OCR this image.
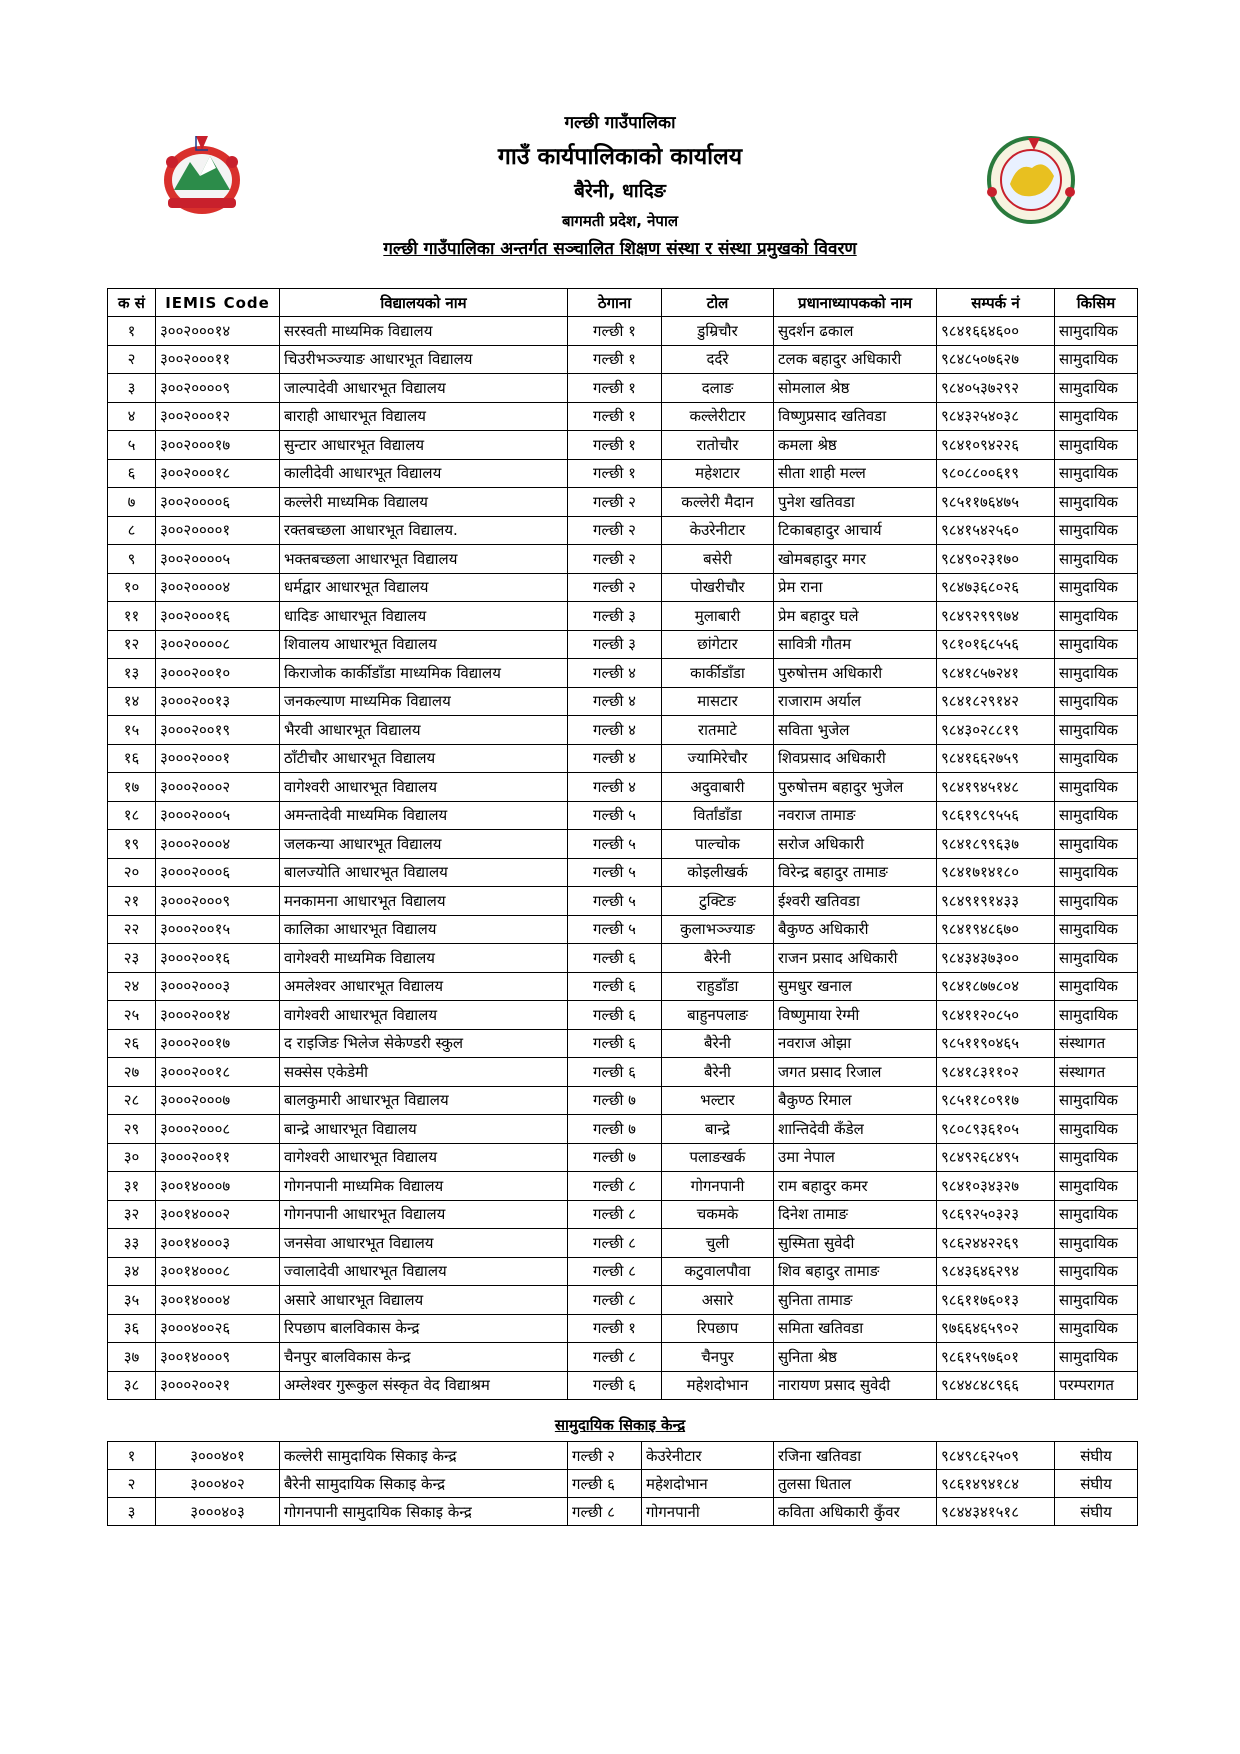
गल्छी गाउँपालिका
गाउँ कार्यपालिकाको कार्यालय
बैरेनी, धादिङ
बागमती प्रदेश, नेपाल
गल्छी गाउँपालिका अन्तर्गत सञ्चालित शिक्षण संस्था र संस्था प्रमुखको विवरण
क सं	IEMIS Code	विद्यालयको नाम	ठेगाना	टोल	प्रधानाध्यापकको नाम	सम्पर्क नं	किसिम
१	३००२०००१४	सरस्वती माध्यमिक विद्यालय	गल्छी १	डुम्रिचौर	सुदर्शन ढकाल	९८४१६६४६००	सामुदायिक
२	३००२०००११	चिउरीभञ्ज्याङ आधारभूत विद्यालय	गल्छी १	दर्दरे	टलक बहादुर अधिकारी	९८४८५०७६२७	सामुदायिक
३	३००२००००९	जाल्पादेवी आधारभूत विद्यालय	गल्छी १	दलाङ	सोमलाल श्रेष्ठ	९८४०५३७२९२	सामुदायिक
४	३००२०००१२	बाराही आधारभूत विद्यालय	गल्छी १	कल्लेरीटार	विष्णुप्रसाद खतिवडा	९८४३२५४०३८	सामुदायिक
५	३००२०००१७	सुन्टार आधारभूत विद्यालय	गल्छी १	रातोचौर	कमला श्रेष्ठ	९८४१०९४२२६	सामुदायिक
६	३००२०००१८	कालीदेवी आधारभूत विद्यालय	गल्छी १	महेशटार	सीता शाही मल्ल	९८०८८००६१९	सामुदायिक
७	३००२००००६	कल्लेरी माध्यमिक विद्यालय	गल्छी २	कल्लेरी मैदान	पुनेश खतिवडा	९८५११७६४७५	सामुदायिक
८	३००२००००१	रक्तबच्छला आधारभूत विद्यालय.	गल्छी २	केउरेनीटार	टिकाबहादुर आचार्य	९८४१५४२५६०	सामुदायिक
९	३००२००००५	भक्तबच्छला आधारभूत विद्यालय	गल्छी २	बसेरी	खोमबहादुर मगर	९८४९०२३१७०	सामुदायिक
१०	३००२००००४	धर्मद्वार आधारभूत विद्यालय	गल्छी २	पोखरीचौर	प्रेम राना	९८४७३६८०२६	सामुदायिक
११	३००२०००१६	धादिङ आधारभूत विद्यालय	गल्छी ३	मुलाबारी	प्रेम बहादुर घले	९८४९२९९९७४	सामुदायिक
१२	३००२००००८	शिवालय आधारभूत विद्यालय	गल्छी ३	छांगेटार	सावित्री गौतम	९८१०१६८५५६	सामुदायिक
१३	३०००२००१०	किराजोक कार्कीडाँडा माध्यमिक विद्यालय	गल्छी ४	कार्कीडाँडा	पुरुषोत्तम अधिकारी	९८४१८५७२४१	सामुदायिक
१४	३०००२००१३	जनकल्याण माध्यमिक विद्यालय	गल्छी ४	मासटार	राजाराम अर्याल	९८४१८२९१४२	सामुदायिक
१५	३०००२००१९	भैरवी आधारभूत विद्यालय	गल्छी ४	रातमाटे	सविता भुजेल	९८४३०२८८१९	सामुदायिक
१६	३०००२०००१	ठाँटीचौर आधारभूत विद्यालय	गल्छी ४	ज्यामिरेचौर	शिवप्रसाद अधिकारी	९८४१६६२७५९	सामुदायिक
१७	३०००२०००२	वागेश्वरी आधारभूत विद्यालय	गल्छी ४	अदुवाबारी	पुरुषोत्तम बहादुर भुजेल	९८४१९४५१४८	सामुदायिक
१८	३०००२०००५	अमन्तादेवी माध्यमिक विद्यालय	गल्छी ५	विर्तांडाँडा	नवराज तामाङ	९८६१९८९५५६	सामुदायिक
१९	३०००२०००४	जलकन्या आधारभूत विद्यालय	गल्छी ५	पाल्चोक	सरोज अधिकारी	९८४१८९९६३७	सामुदायिक
२०	३०००२०००६	बालज्योति आधारभूत विद्यालय	गल्छी ५	कोइलीखर्क	विरेन्द्र बहादुर तामाङ	९८४१७१४१८०	सामुदायिक
२१	३०००२०००९	मनकामना आधारभूत विद्यालय	गल्छी ५	टुक्टिङ	ईश्वरी खतिवडा	९८४९१९१४३३	सामुदायिक
२२	३०००२००१५	कालिका आधारभूत विद्यालय	गल्छी ५	कुलाभञ्ज्याङ	बैकुण्ठ अधिकारी	९८४१९४८६७०	सामुदायिक
२३	३०००२००१६	वागेश्वरी माध्यमिक विद्यालय	गल्छी ६	बैरेनी	राजन प्रसाद अधिकारी	९८४३४३७३००	सामुदायिक
२४	३०००२०००३	अमलेश्वर आधारभूत विद्यालय	गल्छी ६	राहुडाँडा	सुमधुर खनाल	९८४१८७७८०४	सामुदायिक
२५	३०००२००१४	वागेश्वरी आधारभूत विद्यालय	गल्छी ६	बाहुनपलाङ	विष्णुमाया रेग्मी	९८४११२०८५०	सामुदायिक
२६	३०००२००१७	द राइजिङ भिलेज सेकेण्डरी स्कुल	गल्छी ६	बैरेनी	नवराज ओझा	९८५११९०४६५	संस्थागत
२७	३०००२००१८	सक्सेस एकेडेमी	गल्छी ६	बैरेनी	जगत प्रसाद रिजाल	९८४१८३११०२	संस्थागत
२८	३०००२०००७	बालकुमारी आधारभूत विद्यालय	गल्छी ७	भल्टार	बैकुण्ठ रिमाल	९८५११८०९१७	सामुदायिक
२९	३०००२०००८	बान्द्रे आधारभूत विद्यालय	गल्छी ७	बान्द्रे	शान्तिदेवी कँडेल	९८०८९३६१०५	सामुदायिक
३०	३०००२००११	वागेश्वरी आधारभूत विद्यालय	गल्छी ७	पलाङखर्क	उमा नेपाल	९८४९२६८४९५	सामुदायिक
३१	३००१४०००७	गोगनपानी माध्यमिक विद्यालय	गल्छी ८	गोगनपानी	राम बहादुर कमर	९८४१०३४३२७	सामुदायिक
३२	३००१४०००२	गोगनपानी आधारभूत विद्यालय	गल्छी ८	चकमके	दिनेश तामाङ	९८६९२५०३२३	सामुदायिक
३३	३००१४०००३	जनसेवा आधारभूत विद्यालय	गल्छी ८	चुली	सुस्मिता सुवेदी	९८६२४४२२६९	सामुदायिक
३४	३००१४०००८	ज्वालादेवी आधारभूत विद्यालय	गल्छी ८	कटुवालपौवा	शिव बहादुर तामाङ	९८४३६४६२९४	सामुदायिक
३५	३००१४०००४	असारे आधारभूत विद्यालय	गल्छी ८	असारे	सुनिता तामाङ	९८६११७६०१३	सामुदायिक
३६	३०००४००२६	रिपछाप बालविकास केन्द्र	गल्छी १	रिपछाप	समिता खतिवडा	९७६६४६५९०२	सामुदायिक
३७	३००१४०००९	चैनपुर बालविकास केन्द्र	गल्छी ८	चैनपुर	सुनिता श्रेष्ठ	९८६१५९७६०१	सामुदायिक
३८	३०००२००२१	अम्लेश्वर गुरूकुल संस्कृत वेद विद्याश्रम	गल्छी ६	महेशदोभान	नारायण प्रसाद सुवेदी	९८४४८४८९६६	परम्परागत
सामुदायिक सिकाइ केन्द्र
१	३०००४०१	कल्लेरी सामुदायिक सिकाइ केन्द्र	गल्छी २	केउरेनीटार	रजिना खतिवडा	९८४९८६२५०९	संघीय
२	३०००४०२	बैरेनी सामुदायिक सिकाइ केन्द्र	गल्छी ६	महेशदोभान	तुलसा धिताल	९८६१४९४१८४	संघीय
३	३०००४०३	गोगनपानी सामुदायिक सिकाइ केन्द्र	गल्छी ८	गोगनपानी	कविता अधिकारी कुँवर	९८४४३४१५१८	संघीय
